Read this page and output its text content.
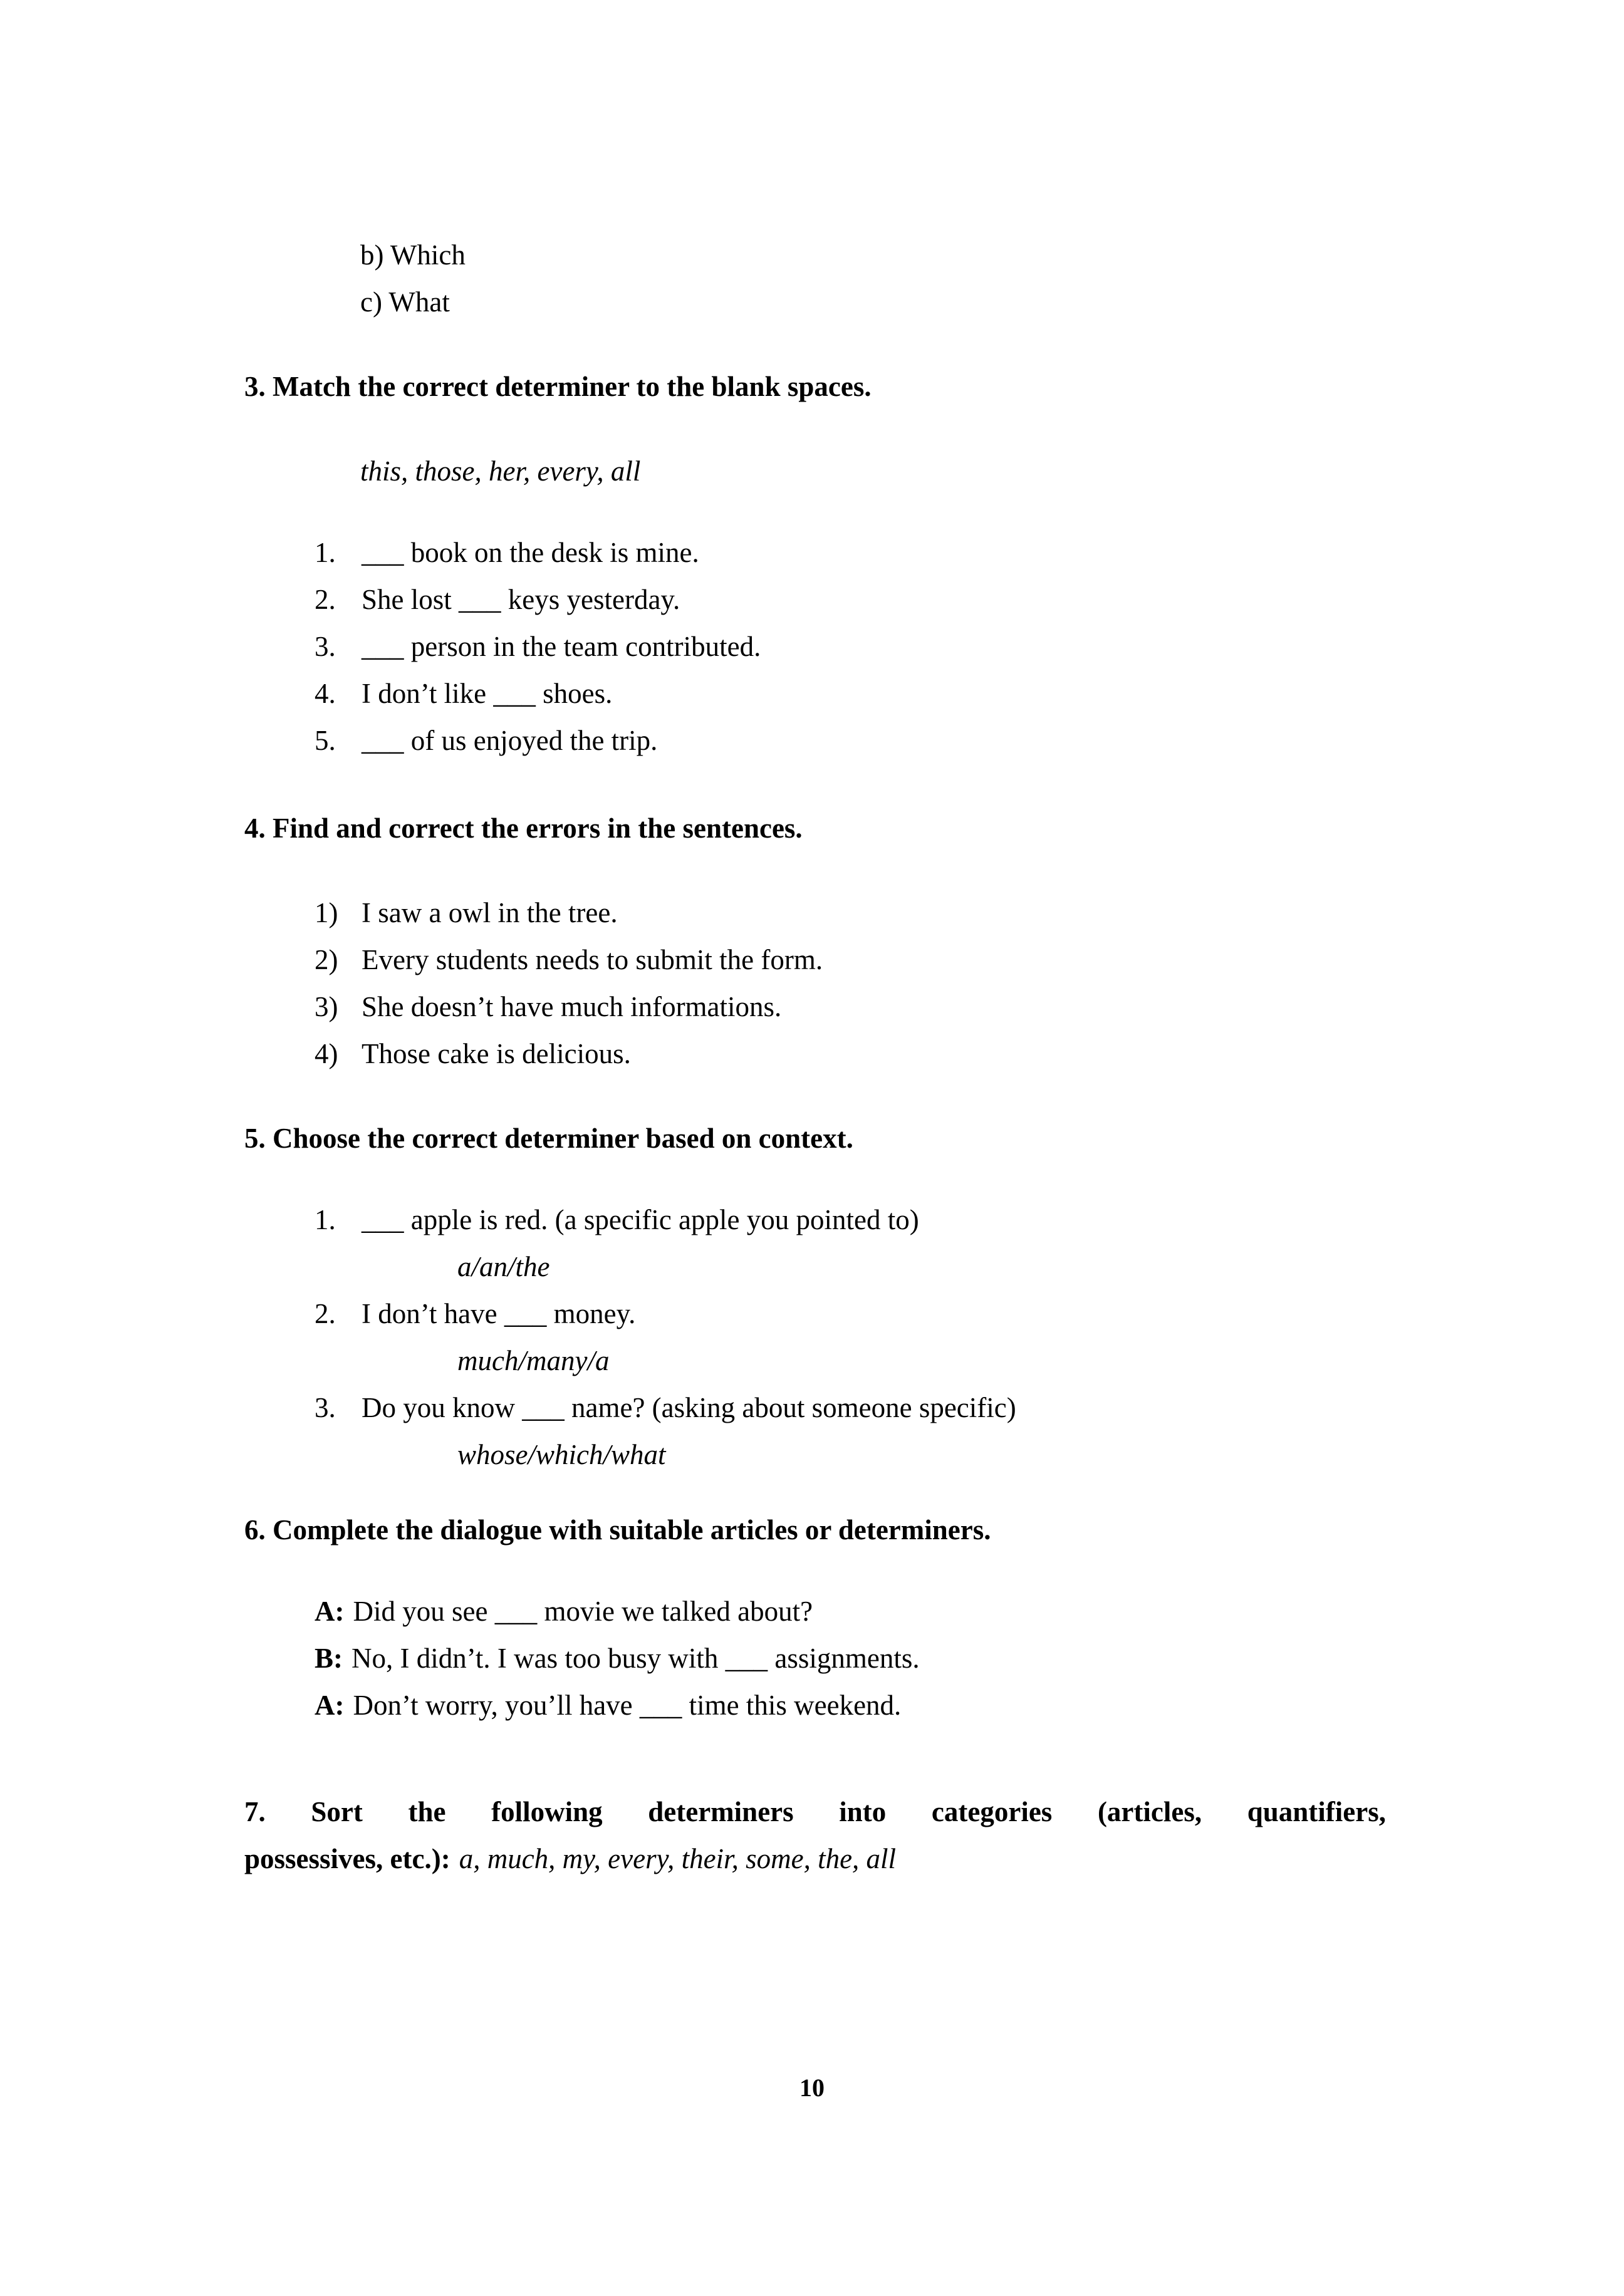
b) Which
c) What
3. Match the correct determiner to the blank spaces.
this, those, her, every, all
1. ___ book on the desk is mine.
2. She lost ___ keys yesterday.
3. ___ person in the team contributed.
4. I don’t like ___ shoes.
5. ___ of us enjoyed the trip.
4. Find and correct the errors in the sentences.
1) I saw a owl in the tree.
2) Every students needs to submit the form.
3) She doesn’t have much informations.
4) Those cake is delicious.
5. Choose the correct determiner based on context.
1. ___ apple is red. (a specific apple you pointed to)
a/an/the
2. I don’t have ___ money.
much/many/a
3. Do you know ___ name? (asking about someone specific)
whose/which/what
6. Complete the dialogue with suitable articles or determiners.
A: Did you see ___ movie we talked about?
B: No, I didn’t. I was too busy with ___ assignments.
A: Don’t worry, you’ll have ___ time this weekend.
7. Sort the following determiners into categories (articles, quantifiers,
possessives, etc.): a, much, my, every, their, some, the, all
10
